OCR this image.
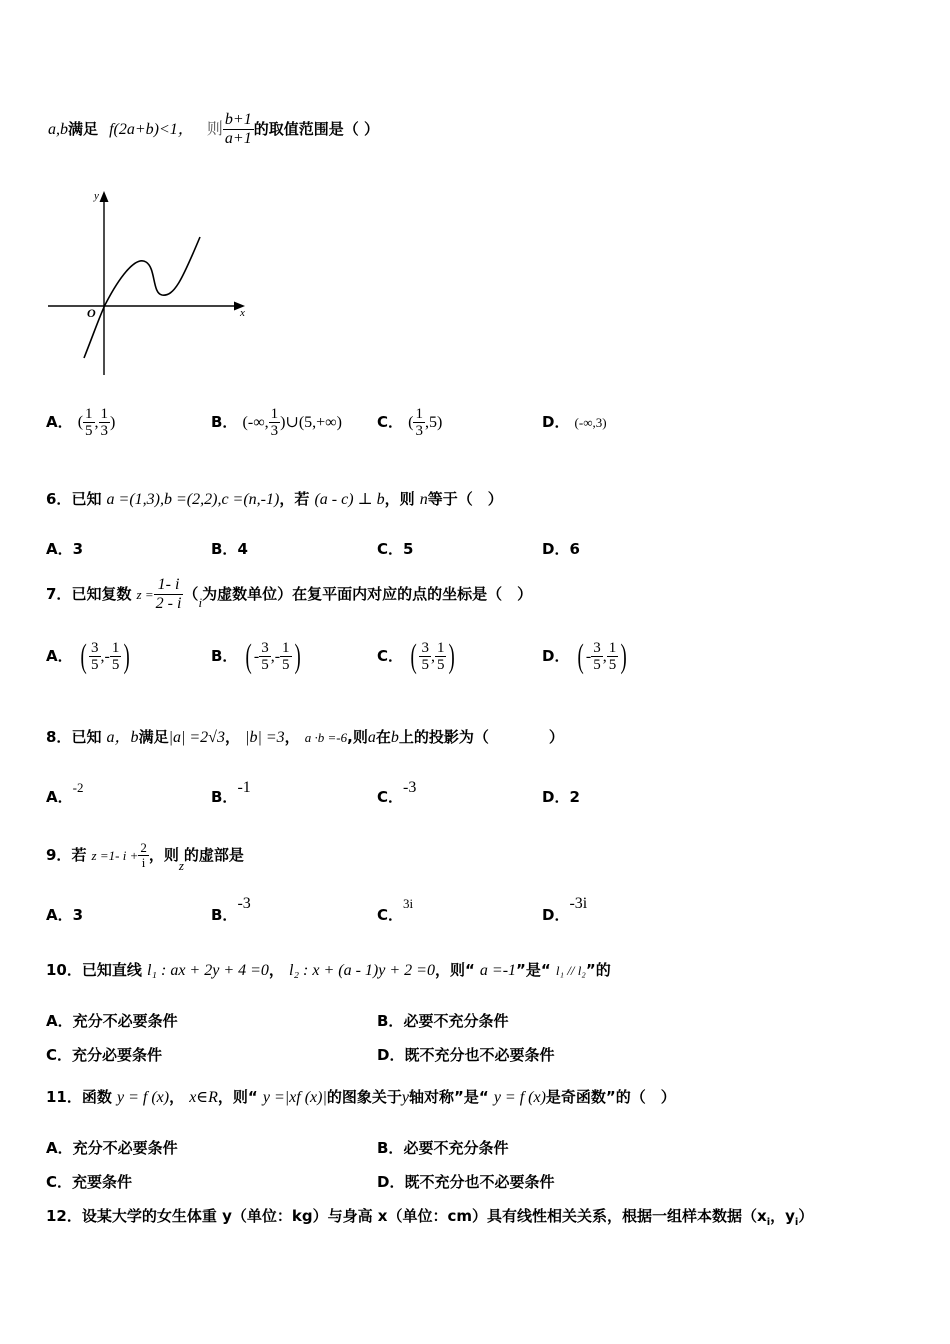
a,b满足 f(2a+b)<1， 则 $\frac{b+1}{a+1}$ 的取值范围是（ ）
y
x
O
A． ( $\frac{1}{5}$ , $\frac{1}{3}$ )	B． (-∞, $\frac{1}{3}$ )∪(5,+∞) C． ( $\frac{1}{3} ,5$)	D． (-∞,3)
6．已知 a =(1,3),b =(2,2),c =(n,-1)，若 (a - c) ⊥ b，则 n等于（　）
A．3	B．4	C．5	D．6
7．已知复数 $z = \frac{1- i}{2 - i} (_i$为虚数单位）在复平面内对应的点的坐标是（　）
A． ( $\frac{3}{5}$ ,- $\frac{1}{5}$ )	B． ( - $\frac{3}{5}$ ,- $\frac{1}{5}$ )	C． ( $\frac{3}{5}$ , $\frac{1}{5}$ )	D． ( - $\frac{3}{5}$ , $\frac{1}{5}$ )
8．已知 a，b满足|a| =2√3， |b| =3， a ·b =-6,则a在b上的投影为（　　　　）
A．-2
B．-1
C．-3
D．2
9．若 z =1- $i + \frac{2}{i}$ ，则$_z$的虚部是
A．3	B．-3
C．3i
D．-3i
10．已知直线 l₁ : ax + 2y + 4 =0， l₂ : x + (a - 1)y + 2 =0，则“ a =-1”是“ l₁ // l₂”的
A．充分不必要条件	B．必要不充分条件
C．充分必要条件	D．既不充分也不必要条件
11．函数 y = f (x)， x∈R，则“ y =|xf (x)|的图象关于y轴对称”是“ y = f (x)是奇函数”的（　）
A．充分不必要条件	B．必要不充分条件
C．充要条件	D．既不充分也不必要条件
12．设某大学的女生体重 y（单位：kg）与身高 x（单位：cm）具有线性相关关系，根据一组样本数据（$x_i$，$y_i$）
